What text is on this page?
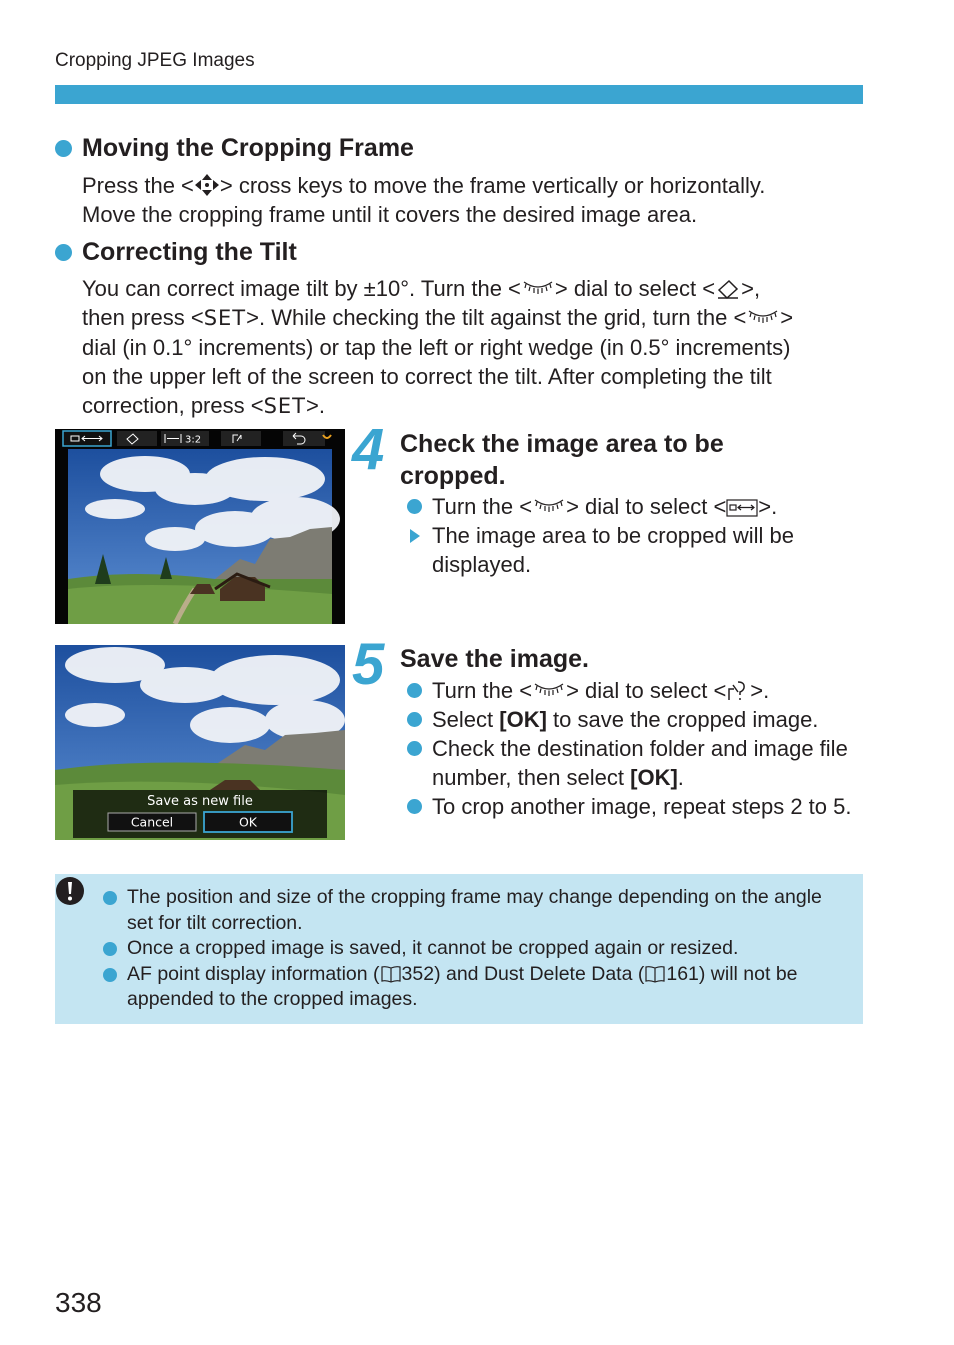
Cropping JPEG Images
Moving the Cropping Frame

Press the < > cross keys to move the frame vertically or horizontally.

Move the cropping frame until it covers the desired image area.

Correcting the Tilt

You can correct image tilt by ±10°. Turn the < > dial to select < >,

then press <SET>. While checking the tilt against the grid, turn the < >

dial (in 0.1° increments) or tap the left or right wedge (in 0.5° increments)

on the upper left of the screen to correct the tilt. After completing the tilt

correction, press <SET>.

3:2	4 Check the image area to be cropped.
Turn the < > dial to select < >.
The image area to be cropped will be displayed.
Save as new file
Cancel	OK
5 Save the image.
Turn the < > dial to select < >.
Select [OK] to save the cropped image.
Check the destination folder and image file number, then select [OK].
To crop another image, repeat steps 2 to 5.
The position and size of the cropping frame may change depending on the angle set for tilt correction.
Once a cropped image is saved, it cannot be cropped again or resized.
AF point display information ( 352) and Dust Delete Data ( 161) will not be appended to the cropped images.
338
